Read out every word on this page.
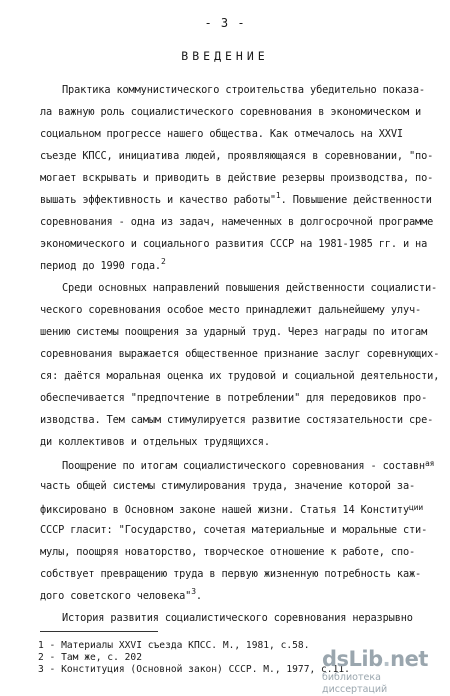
- 3 -
ВВЕДЕНИЕ
Практика коммунистического строительства убедительно показа-
ла важную роль социалистического соревнования в экономическом и
социальном прогрессе нашего общества. Как отмечалось на XXVI
съезде КПСС, инициатива людей, проявляющаяся в соревновании, "по-
могает вскрывать и приводить в действие резервы производства, по-
вышать эффективность и качество работы"$^1$. Повышение действенности
соревнования - одна из задач, намеченных в долгосрочной программе
экономического и социального развития СССР на 1981-1985 гг. и на
период до 1990 года.$^2$
Среди основных направлений повышения действенности социалисти-
ческого соревнования особое место принадлежит дальнейшему улуч-
шению системы поощрения за ударный труд. Через награды по итогам
соревнования выражается общественное признание заслуг соревнующих-
ся: даётся моральная оценка их трудовой и социальной деятельности,
обеспечивается "предпочтение в потреблении" для передовиков про-
изводства. Тем самым стимулируется развитие состязательности сре-
ди коллективов и отдельных трудящихся.
Поощрение по итогам социалистического соревнования - составн$^{ая}$
часть общей системы стимулирования труда, значение которой за-
фиксировано в Основном законе нашей жизни. Статья 14 Конститу$^{ции}$
СССР гласит: "Государство, сочетая материальные и моральные сти-
мулы, поощряя новаторство, творческое отношение к работе, спо-
собствует превращению труда в первую жизненную потребность каж-
дого советского человека"$^3$.
История развития социалистического соревнования неразрывно
1 - Материалы XXVI съезда КПСС. М., 1981, с.58.
2 - Там же, с. 202
3 - Конституция (Основной закон) СССР. М., 1977, с.11.
dsLib.net
библиотека диссертаций
